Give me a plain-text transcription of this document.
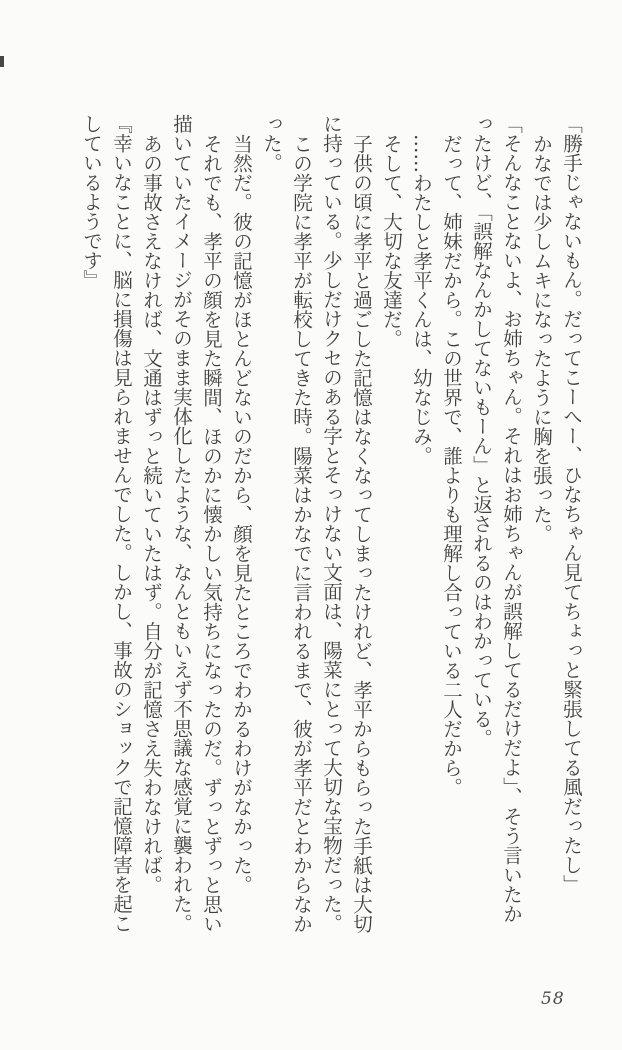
「勝手じゃないもん。だってこーへー、ひなちゃん見てちょっと緊張してる風だったし」

かなでは少しムキになったように胸を張った。

「そんなことないよ、お姉ちゃん。それはお姉ちゃんが誤解してるだけだよ」、そう言いたかったけど、「誤解なんかしてないもーん」と返されるのはわかっている。

だって、姉妹だから。この世界で、誰よりも理解し合っている二人だから。

……わたしと孝平くんは、幼なじみ。

そして、大切な友達だ。

子供の頃に孝平と過ごした記憶はなくなってしまったけれど、孝平からもらった手紙は大切に持っている。少しだけクセのある字とそっけない文面は、陽菜にとって大切な宝物だった。

この学院に孝平が転校してきた時。陽菜はかなでに言われるまで、彼が孝平だとわからなかった。

当然だ。彼の記憶がほとんどないのだから、顔を見たところでわかるわけがなかった。

それでも、孝平の顔を見た瞬間、ほのかに懐かしい気持ちになったのだ。ずっとずっと思い描いていたイメージがそのまま実体化したような、なんともいえず不思議な感覚に襲われた。

あの事故さえなければ、文通はずっと続いていたはず。自分が記憶さえ失わなければ。

『幸いなことに、脳に損傷は見られませんでした。しかし、事故のショックで記憶障害を起こしているようです』

58
